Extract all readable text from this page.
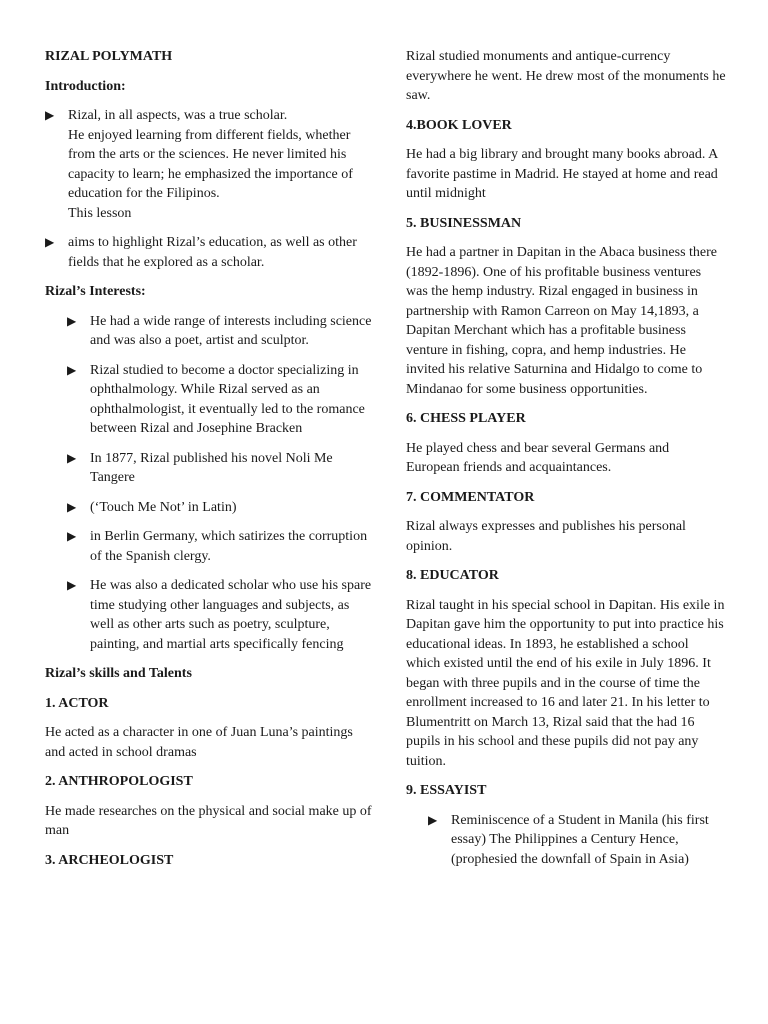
RIZAL POLYMATH
Introduction:
▶ Rizal, in all aspects, was a true scholar.
He enjoyed learning from different fields, whether from the arts or the sciences. He never limited his capacity to learn; he emphasized the importance of education for the Filipinos.
This lesson
▶ aims to highlight Rizal’s education, as well as other fields that he explored as a scholar.
Rizal’s Interests:
▶ He had a wide range of interests including science and was also a poet, artist and sculptor.
▶ Rizal studied to become a doctor specializing in ophthalmology. While Rizal served as an ophthalmologist, it eventually led to the romance between Rizal and Josephine Bracken
▶ In 1877, Rizal published his novel Noli Me Tangere
▶ (‘Touch Me Not’ in Latin)
▶ in Berlin Germany, which satirizes the corruption of the Spanish clergy.
▶ He was also a dedicated scholar who use his spare time studying other languages and subjects, as well as other arts such as poetry, sculpture, painting, and martial arts specifically fencing
Rizal’s skills and Talents
1. ACTOR
He acted as a character in one of Juan Luna’s paintings and acted in school dramas
2. ANTHROPOLOGIST
He made researches on the physical and social make up of man
3. ARCHEOLOGIST
Rizal studied monuments and antique-currency everywhere he went. He drew most of the monuments he saw.
4.BOOK LOVER
He had a big library and brought many books abroad. A favorite pastime in Madrid. He stayed at home and read until midnight
5. BUSINESSMAN
He had a partner in Dapitan in the Abaca business there (1892-1896). One of his profitable business ventures was the hemp industry. Rizal engaged in business in partnership with Ramon Carreon on May 14,1893, a Dapitan Merchant which has a profitable business venture in fishing, copra, and hemp industries. He invited his relative Saturnina and Hidalgo to come to Mindanao for some business opportunities.
6. CHESS PLAYER
He played chess and bear several Germans and European friends and acquaintances.
7. COMMENTATOR
Rizal always expresses and publishes his personal opinion.
8. EDUCATOR
Rizal taught in his special school in Dapitan. His exile in Dapitan gave him the opportunity to put into practice his educational ideas. In 1893, he established a school which existed until the end of his exile in July 1896. It began with three pupils and in the course of time the enrollment increased to 16 and later 21. In his letter to Blumentritt on March 13, Rizal said that the had 16 pupils in his school and these pupils did not pay any tuition.
9. ESSAYIST
▶ Reminiscence of a Student in Manila (his first essay) The Philippines a Century Hence, (prophesied the downfall of Spain in Asia)
